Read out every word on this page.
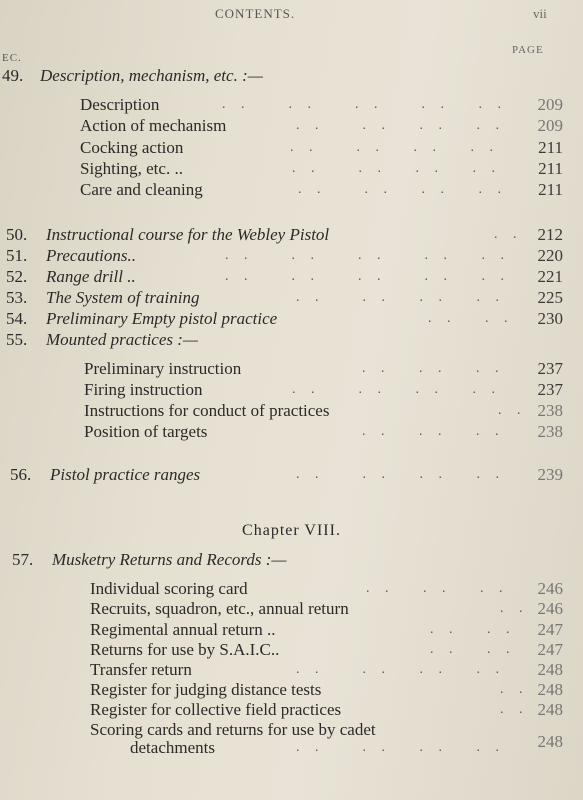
CONTENTS.	vii
EC.
PAGE
49. Description, mechanism, etc. :—
Description	. .    . .    . .    . .   . . 209
Action of mechanism	. .    . .   . .   . . 209
Cocking action	. .    . .   . .   . . 211
Sighting, etc. ..	. .    . .   . .   . . 211
Care and cleaning	. .    . .   . .   . . 211
50. Instructional course for the Webley Pistol	. . 212
51. Precautions..	. .    . .    . .    . .   . . 220
52. Range drill ..	. .    . .    . .    . .   . . 221
53. The System of training	. .    . .   . .   . . 225
54. Preliminary Empty pistol practice	. .   . . 230
55. Mounted practices :—
Preliminary instruction	. .   . .   . . 237
Firing instruction	. .    . .   . .   . . 237
Instructions for conduct of practices	. . 238
Position of targets	. .   . .   . . 238
56. Pistol practice ranges	. .    . .   . .   . . 239
Chapter VIII.
57. Musketry Returns and Records :—
Individual scoring card	. .   . .   . . 246
Recruits, squadron, etc., annual return	. . 246
Regimental annual return ..	. .   . . 247
Returns for use by S.A.I.C..	. .   . . 247
Transfer return	. .    . .   . .   . . 248
Register for judging distance tests	. . 248
Register for collective field practices	. . 248
Scoring cards and returns for use by cadet
detachments	. .    . .   . .   . . 248
